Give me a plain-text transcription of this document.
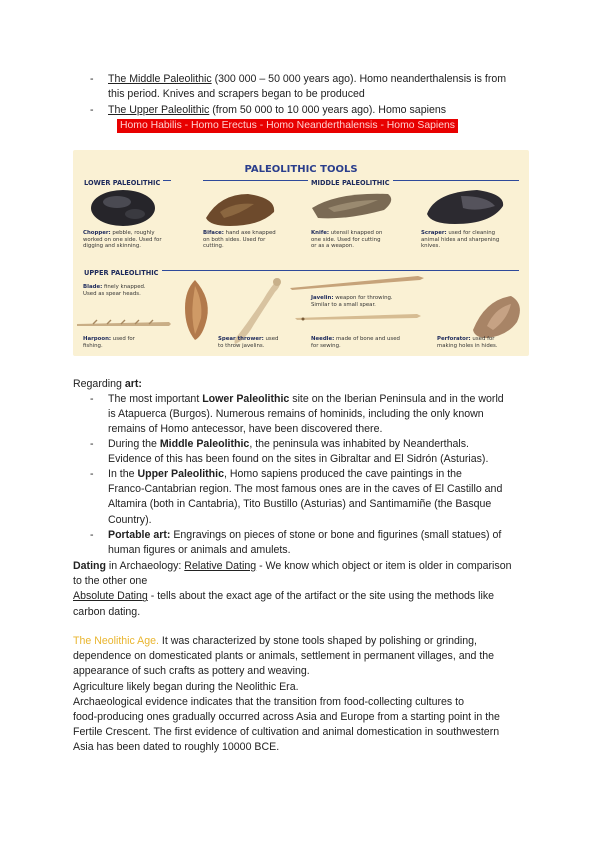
- The Middle Paleolithic (300 000 – 50 000 years ago). Homo neanderthalensis is from
this period. Knives and scrapers began to be produced
- The Upper Paleolithic (from 50 000 to 10 000 years ago). Homo sapiens
Homo Habilis - Homo Erectus - Homo Neanderthalensis - Homo Sapiens
PALEOLITHIC TOOLS
LOWER PALEOLITHIC	MIDDLE PALEOLITHIC
UPPER PALEOLITHIC
Chopper: pebble, roughly
worked on one side. Used for
digging and skinning.
Biface: hand axe knapped
on both sides. Used for
cutting.
Knife: utensil knapped on
one side. Used for cutting
or as a weapon.
Scraper: used for cleaning
animal hides and sharpening
knives.
Blade: finely knapped.
Used as spear heads.
Javelin: weapon for throwing.
Similar to a small spear.
Harpoon: used for
fishing.
Spear thrower: used
to throw javelins.
Needle: made of bone and used
for sewing.
Perforator: used for
making holes in hides.
Regarding art:
- The most important Lower Paleolithic site on the Iberian Peninsula and in the world
is Atapuerca (Burgos). Numerous remains of hominids, including the only known
remains of Homo antecessor, have been discovered there.
- During the Middle Paleolithic, the peninsula was inhabited by Neanderthals.
Evidence of this has been found on the sites in Gibraltar and El Sidrón (Asturias).
- In the Upper Paleolithic, Homo sapiens produced the cave paintings in the
Franco-Cantabrian region. The most famous ones are in the caves of El Castillo and
Altamira (both in Cantabria), Tito Bustillo (Asturias) and Santimamiñe (the Basque
Country).
- Portable art: Engravings on pieces of stone or bone and figurines (small statues) of
human figures or animals and amulets.
Dating in Archaeology: Relative Dating - We know which object or item is older in comparison
to the other one
Absolute Dating - tells about the exact age of the artifact or the site using the methods like
carbon dating.
The Neolithic Age. It was characterized by stone tools shaped by polishing or grinding,
dependence on domesticated plants or animals, settlement in permanent villages, and the
appearance of such crafts as pottery and weaving.
Agriculture likely began during the Neolithic Era.
Archaeological evidence indicates that the transition from food-collecting cultures to
food-producing ones gradually occurred across Asia and Europe from a starting point in the
Fertile Crescent. The first evidence of cultivation and animal domestication in southwestern
Asia has been dated to roughly 10000 BCE.
